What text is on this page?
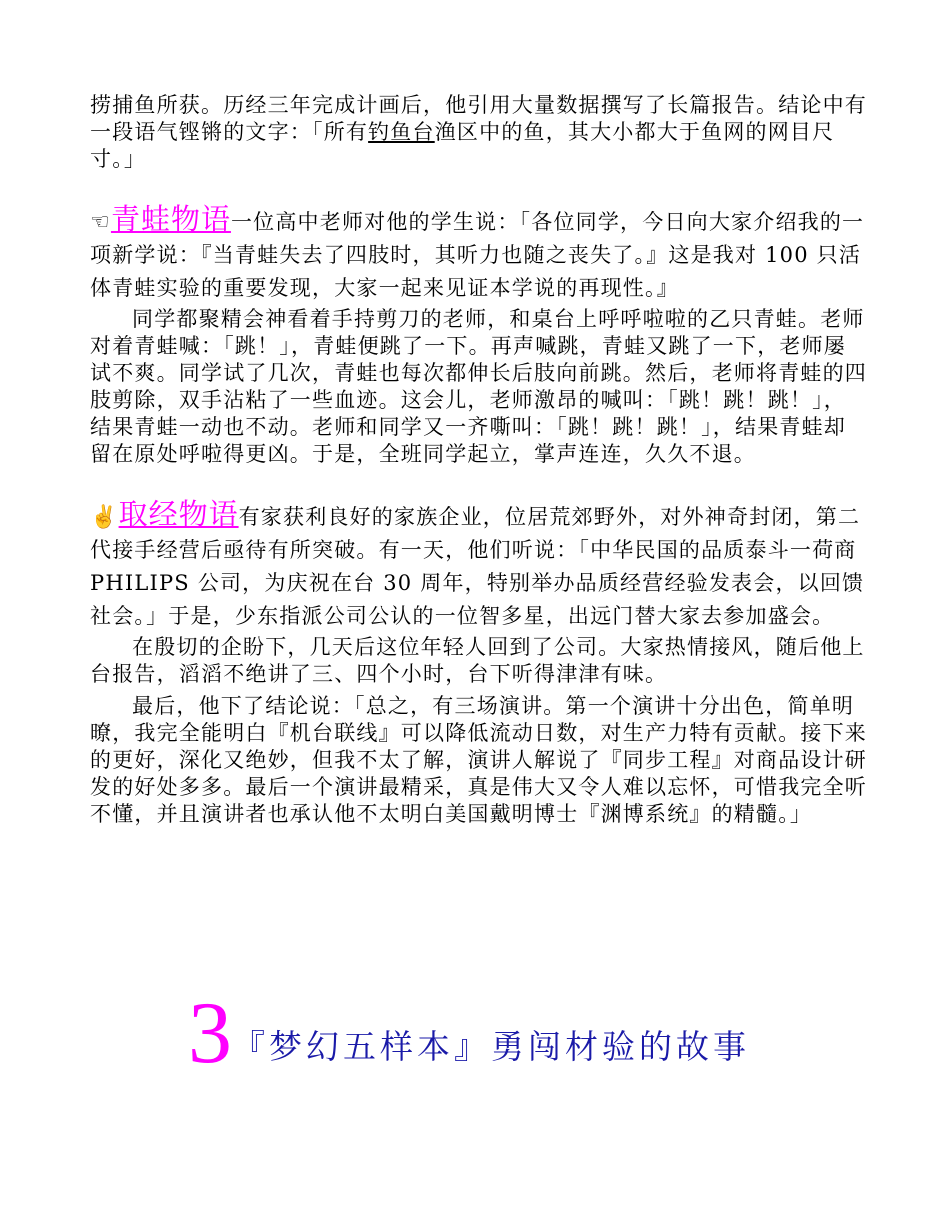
捞捕鱼所获。历经三年完成计画后，他引用大量数据撰写了长篇报告。结论中有一段语气铿锵的文字：「所有钓鱼台渔区中的鱼，其大小都大于鱼网的网目尺寸。」

☜青蛙物语一位高中老师对他的学生说：「各位同学，今日向大家介绍我的一项新学说：『当青蛙失去了四肢时，其听力也随之丧失了。』这是我对 100 只活体青蛙实验的重要发现，大家一起来见证本学说的再现性。』

同学都聚精会神看着手持剪刀的老师，和桌台上呼呼啦啦的乙只青蛙。老师对着青蛙喊：「跳！」，青蛙便跳了一下。再声喊跳，青蛙又跳了一下，老师屡试不爽。同学试了几次，青蛙也每次都伸长后肢向前跳。然后，老师将青蛙的四肢剪除，双手沾粘了一些血迹。这会儿，老师激昂的喊叫：「跳！跳！跳！」，结果青蛙一动也不动。老师和同学又一齐嘶叫：「跳！跳！跳！」，结果青蛙却留在原处呼啦得更凶。于是，全班同学起立，掌声连连，久久不退。

✌取经物语有家获利良好的家族企业，位居荒郊野外，对外神奇封闭，第二代接手经营后亟待有所突破。有一天，他们听说：「中华民国的品质泰斗一荷商 PHILIPS 公司，为庆祝在台 30 周年，特别举办品质经营经验发表会，以回馈社会。」于是，少东指派公司公认的一位智多星，出远门替大家去参加盛会。

在殷切的企盼下，几天后这位年轻人回到了公司。大家热情接风，随后他上台报告，滔滔不绝讲了三、四个小时，台下听得津津有味。

最后，他下了结论说：「总之，有三场演讲。第一个演讲十分出色，简单明暸，我完全能明白『机台联线』可以降低流动日数，对生产力特有贡献。接下来的更好，深化又绝妙，但我不太了解，演讲人解说了『同步工程』对商品设计研发的好处多多。最后一个演讲最精采，真是伟大又令人难以忘怀，可惜我完全听不懂，并且演讲者也承认他不太明白美国戴明博士『渊博系统』的精髓。」

3『梦幻五样本』勇闯材验的故事
